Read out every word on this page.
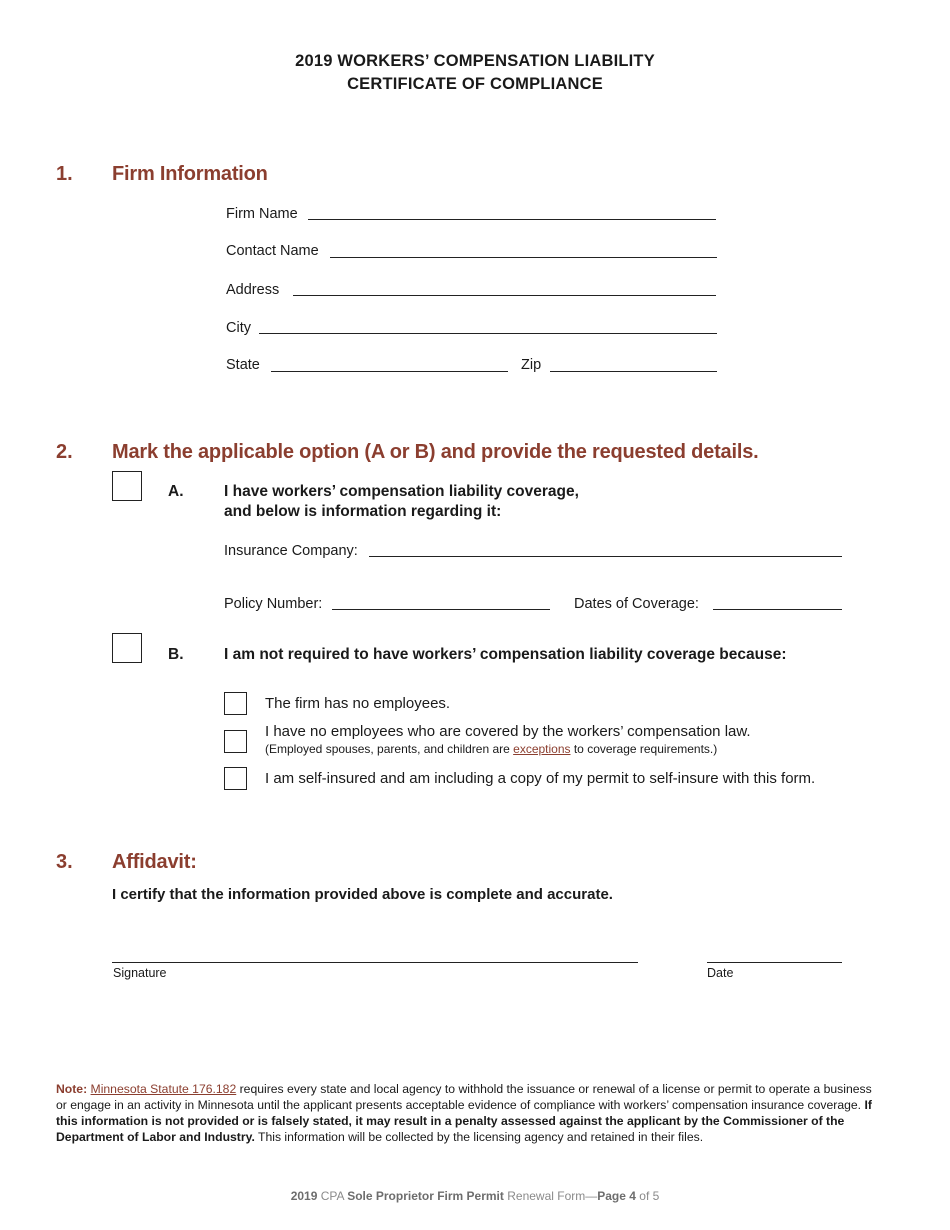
2019 WORKERS’ COMPENSATION LIABILITY
CERTIFICATE OF COMPLIANCE
1. Firm Information
Firm Name
Contact Name
Address
City
State	Zip
2. Mark the applicable option (A or B) and provide the requested details.
A.	I have workers’ compensation liability coverage,
and below is information regarding it:
Insurance Company:
Policy Number:	Dates of Coverage:
B.	I am not required to have workers’ compensation liability coverage because:
The firm has no employees.
I have no employees who are covered by the workers’ compensation law.
(Employed spouses, parents, and children are exceptions to coverage requirements.)
I am self-insured and am including a copy of my permit to self-insure with this form.
3. Affidavit:
I certify that the information provided above is complete and accurate.
Signature	Date
Note: Minnesota Statute 176.182 requires every state and local agency to withhold the issuance or renewal of a license or permit to operate a business or engage in an activity in Minnesota until the applicant presents acceptable evidence of compliance with workers’ compensation insurance coverage. If this information is not provided or is falsely stated, it may result in a penalty assessed against the applicant by the Commissioner of the Department of Labor and Industry. This information will be collected by the licensing agency and retained in their files.
2019 CPA Sole Proprietor Firm Permit Renewal Form—Page 4 of 5
